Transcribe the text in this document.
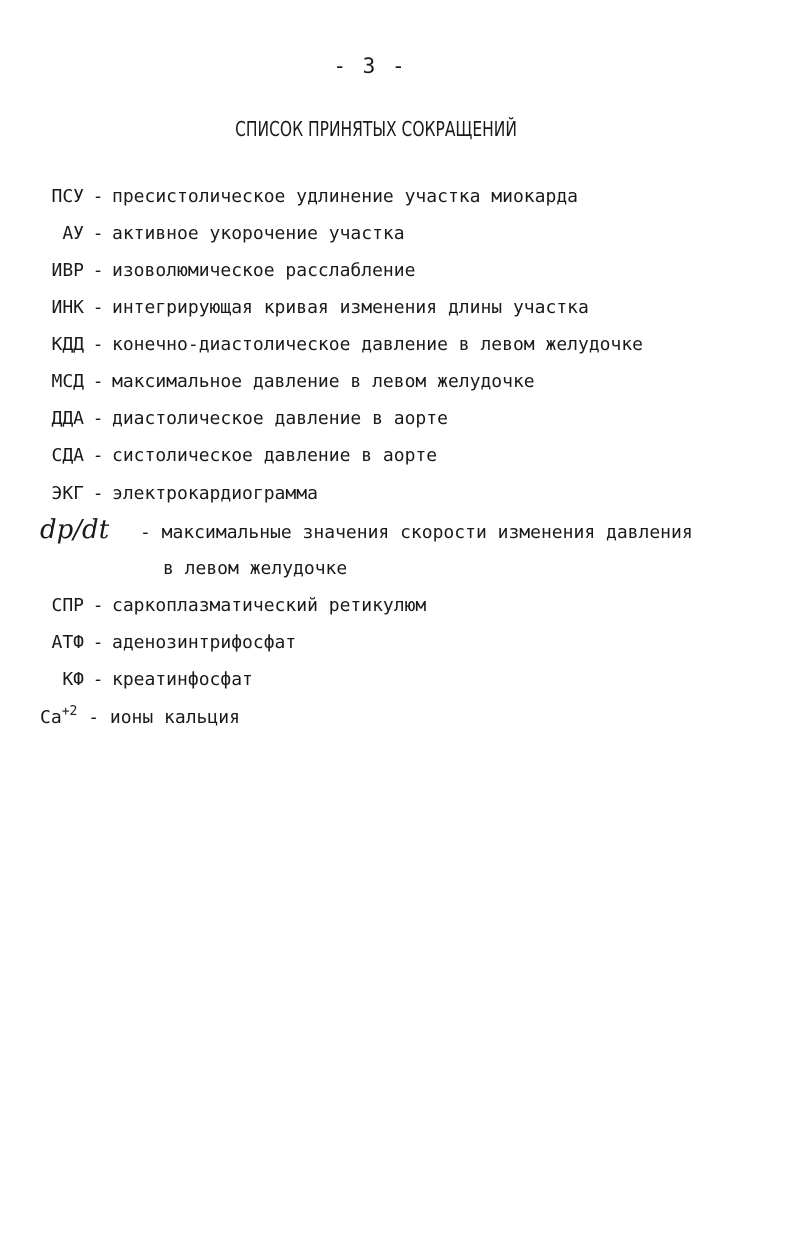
- 3 -
СПИСОК ПРИНЯТЫХ СОКРАЩЕНИЙ
ПСУ - пресистолическое удлинение участка миокарда
АУ - активное укорочение участка
ИВР - изоволюмическое расслабление
ИНК - интегрирующая кривая изменения длины участка
КДД - конечно-диастолическое давление в левом желудочке
МСД - максимальное давление в левом желудочке
ДДА - диастолическое давление в аорте
СДА - систолическое давление в аорте
ЭКГ - электрокардиограмма
dp/dt - максимальные значения скорости изменения давления
в левом желудочке
СПР - саркоплазматический ретикулюм
АТФ - аденозинтрифосфат
КФ - креатинфосфат
$Ca^{+2}$ - ионы кальция
